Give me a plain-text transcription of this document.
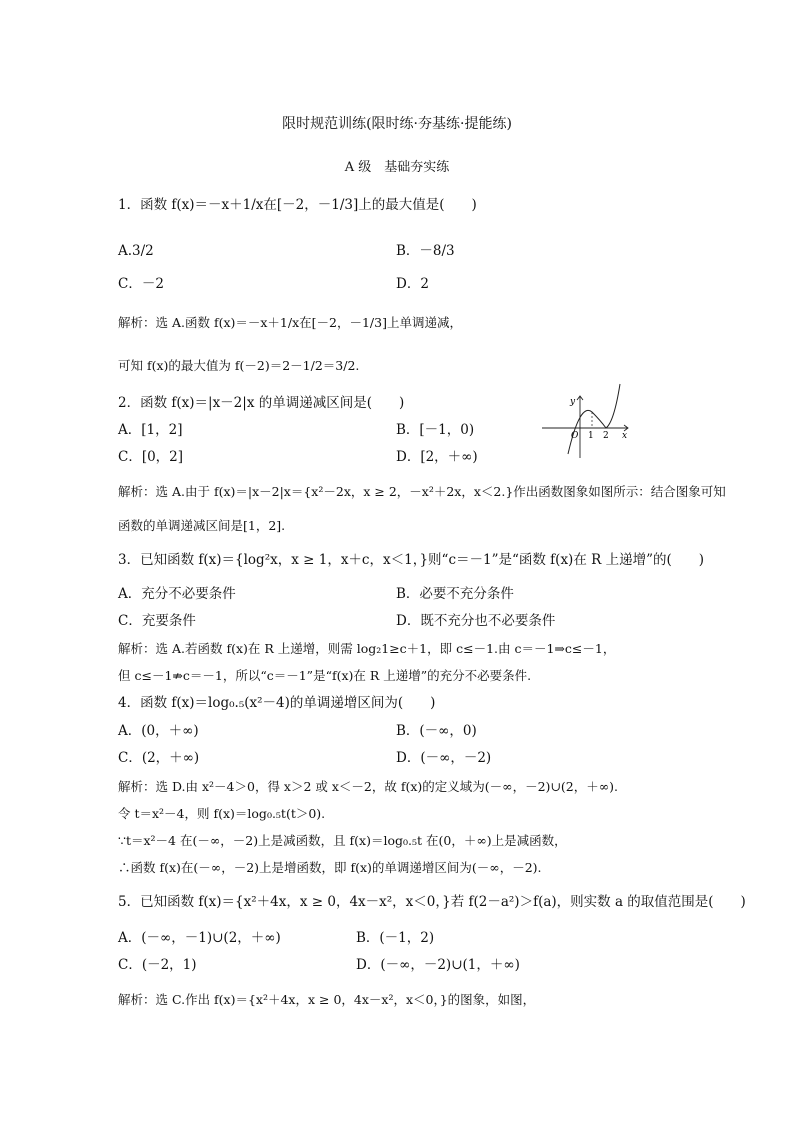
限时规范训练(限时练·夯基练·提能练)
A 级　基础夯实练
1．函数 f(x)＝－x＋1/x在[－2，－1/3]上的最大值是(　　)
A.3/2	B．－8/3
C．－2	D．2
解析：选 A.函数 f(x)＝－x＋1/x在[－2，－1/3]上单调递减，
可知 f(x)的最大值为 f(－2)＝2－1/2＝3/2.
2．函数 f(x)＝|x－2|x 的单调递减区间是(　　)
A．[1，2]	B．[－1，0)
C．[0，2]	D．[2，＋∞)
y
x
O 1 2
解析：选 A.由于 f(x)＝|x－2|x＝{x²－2x，x ≥ 2，－x²＋2x，x＜2.}作出函数图象如图所示：结合图象可知
函数的单调递减区间是[1，2].
3．已知函数 f(x)＝{log²x，x ≥ 1，x＋c，x＜1，}则“c＝－1”是“函数 f(x)在 R 上递增”的(　　)
A．充分不必要条件	B．必要不充分条件
C．充要条件	D．既不充分也不必要条件
解析：选 A.若函数 f(x)在 R 上递增，则需 log₂1≥c＋1，即 c≤－1.由 c＝－1⇒c≤－1，
但 c≤－1⇏c＝－1，所以“c＝－1”是“f(x)在 R 上递增”的充分不必要条件.
4．函数 f(x)＝log₀.₅(x²－4)的单调递增区间为(　　)
A．(0，＋∞)	B．(－∞，0)
C．(2，＋∞)	D．(－∞，－2)
解析：选 D.由 x²－4＞0，得 x＞2 或 x＜－2，故 f(x)的定义域为(－∞，－2)∪(2，＋∞).
令 t＝x²－4，则 f(x)＝log₀.₅t(t＞0).
∵t＝x²－4 在(－∞，－2)上是减函数，且 f(x)＝log₀.₅t 在(0，＋∞)上是减函数，
∴函数 f(x)在(－∞，－2)上是增函数，即 f(x)的单调递增区间为(－∞，－2).
5．已知函数 f(x)＝{x²＋4x，x ≥ 0，4x－x²，x＜0，}若 f(2－a²)＞f(a)，则实数 a 的取值范围是(　　)
A．(－∞，－1)∪(2，＋∞)	B．(－1，2)
C．(－2，1)	D．(－∞，－2)∪(1，＋∞)
解析：选 C.作出 f(x)＝{x²＋4x，x ≥ 0，4x－x²，x＜0，}的图象，如图，
